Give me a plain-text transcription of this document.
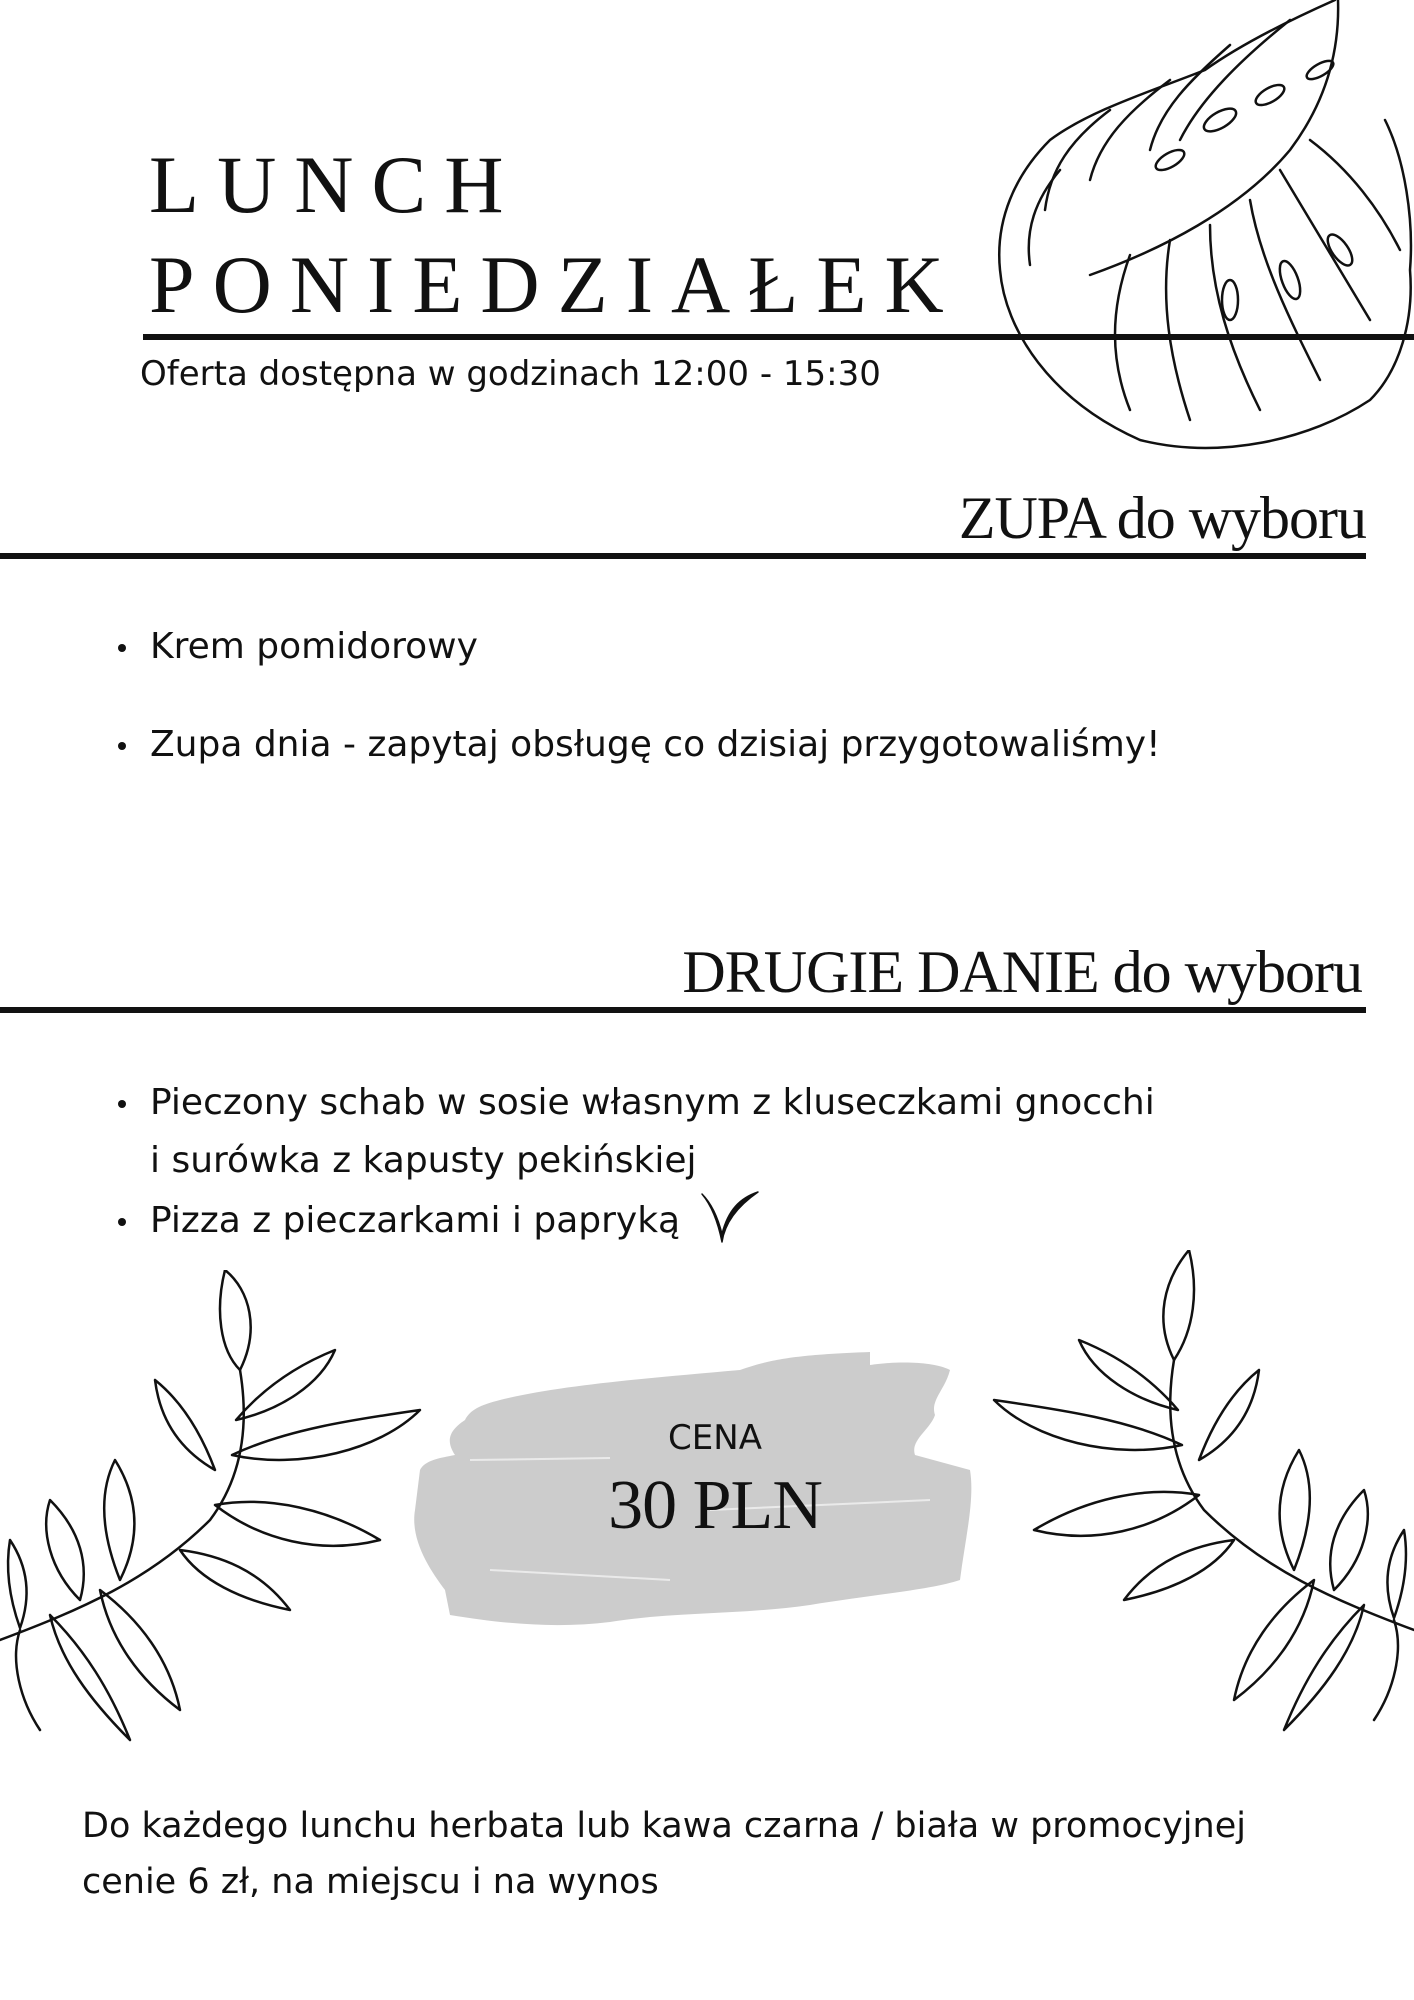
LUNCH
PONIEDZIAŁEK
Oferta dostępna w godzinach 12:00 - 15:30
ZUPA do wyboru
Krem pomidorowy
Zupa dnia - zapytaj obsługę co dzisiaj przygotowaliśmy!
DRUGIE DANIE do wyboru
Pieczony schab w sosie własnym z kluseczkami gnocchi i surówka z kapusty pekińskiej
Pizza z pieczarkami i papryką
CENA
30 PLN
Do każdego lunchu herbata lub kawa czarna / biała w promocyjnej cenie 6 zł, na miejscu i na wynos
